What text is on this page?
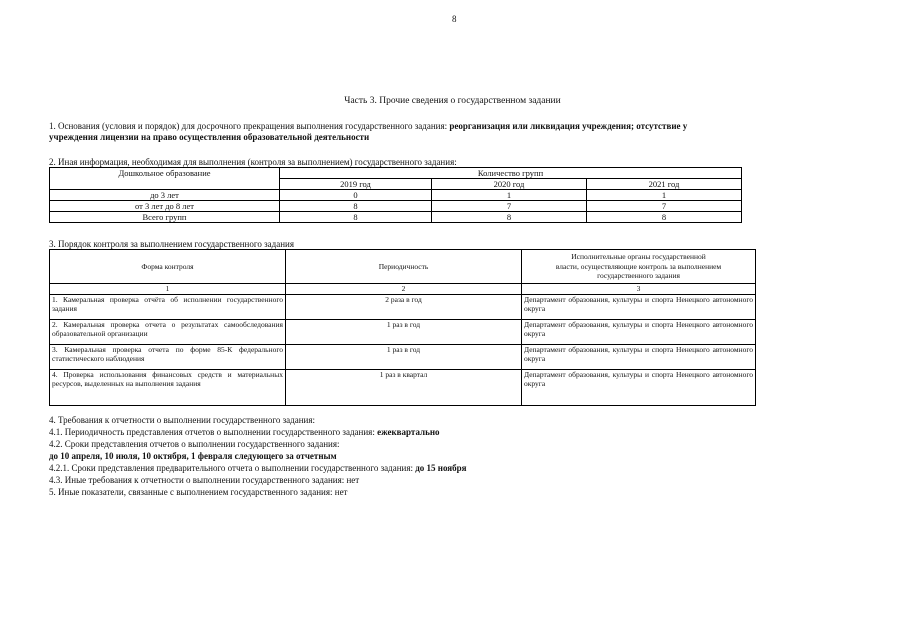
8
Часть 3. Прочие сведения о государственном задании
1. Основания (условия и порядок) для досрочного прекращения выполнения государственного задания: реорганизация или ликвидация учреждения; отсутствие у
учреждения лицензии на право осуществления образовательной деятельности
2. Иная информация, необходимая для выполнения (контроля за выполнением) государственного задания:
Дошкольное образование	Количество групп		
	2019 год	2020 год	2021 год
до 3 лет	0	1	1
от 3 лет до 8 лет	8	7	7
Всего групп	8	8	8
3. Порядок контроля за выполнением государственного задания
Форма контроля	Периодичность	Исполнительные органы государственной
власти, осуществляющие контроль за выполнением
государственного задания

1	2	3
1. Камеральная проверка отчёта об исполнении государственного задания	2 раза в год	Департамент образования, культуры и спорта Ненецкого автономного округа
2. Камеральная проверка отчета о результатах самообследования образовательной организации	1 раз в год	Департамент образования, культуры и спорта Ненецкого автономного округа
3. Камеральная проверка отчета по форме 85-К федерального статистического наблюдения	1 раз в год	Департамент образования, культуры и спорта Ненецкого автономного округа
4. Проверка использования финансовых средств и материальных ресурсов, выделенных на выполнения задания	1 раз в квартал	Департамент образования, культуры и спорта Ненецкого автономного округа
4. Требования к отчетности о выполнении государственного задания:
4.1. Периодичность представления отчетов о выполнении государственного задания: ежеквартально
4.2. Сроки представления отчетов о выполнении государственного задания:
до 10 апреля, 10 июля, 10 октября, 1 февраля следующего за отчетным
4.2.1. Сроки представления предварительного отчета о выполнении государственного задания: до 15 ноября
4.3. Иные требования к отчетности о выполнении государственного задания: нет
5. Иные показатели, связанные с выполнением государственного задания: нет
